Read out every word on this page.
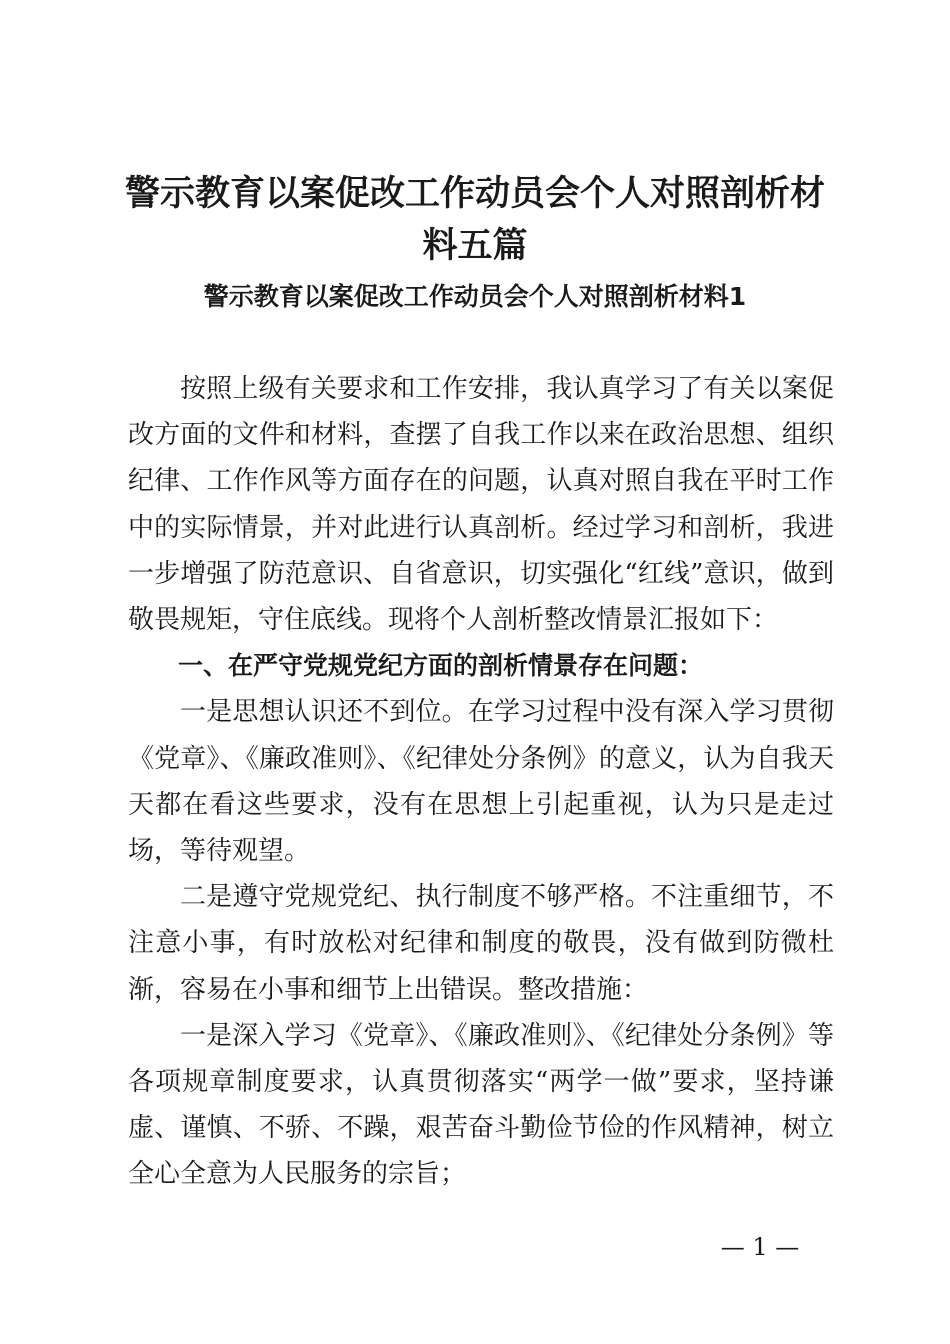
警示教育以案促改工作动员会个人对照剖析材料五篇
警示教育以案促改工作动员会个人对照剖析材料1

按照上级有关要求和工作安排，我认真学习了有关以案促改方面的文件和材料，查摆了自我工作以来在政治思想、组织纪律、工作作风等方面存在的问题，认真对照自我在平时工作中的实际情景，并对此进行认真剖析。经过学习和剖析，我进一步增强了防范意识、自省意识，切实强化“红线”意识，做到敬畏规矩，守住底线。现将个人剖析整改情景汇报如下：

一、在严守党规党纪方面的剖析情景存在问题：

一是思想认识还不到位。在学习过程中没有深入学习贯彻《党章》、《廉政准则》、《纪律处分条例》的意义，认为自我天天都在看这些要求，没有在思想上引起重视，认为只是走过场，等待观望。

二是遵守党规党纪、执行制度不够严格。不注重细节，不注意小事，有时放松对纪律和制度的敬畏，没有做到防微杜渐，容易在小事和细节上出错误。整改措施：

一是深入学习《党章》、《廉政准则》、《纪律处分条例》等各项规章制度要求，认真贯彻落实“两学一做”要求，坚持谦虚、谨慎、不骄、不躁，艰苦奋斗勤俭节俭的作风精神，树立全心全意为人民服务的宗旨；

— 1 —
